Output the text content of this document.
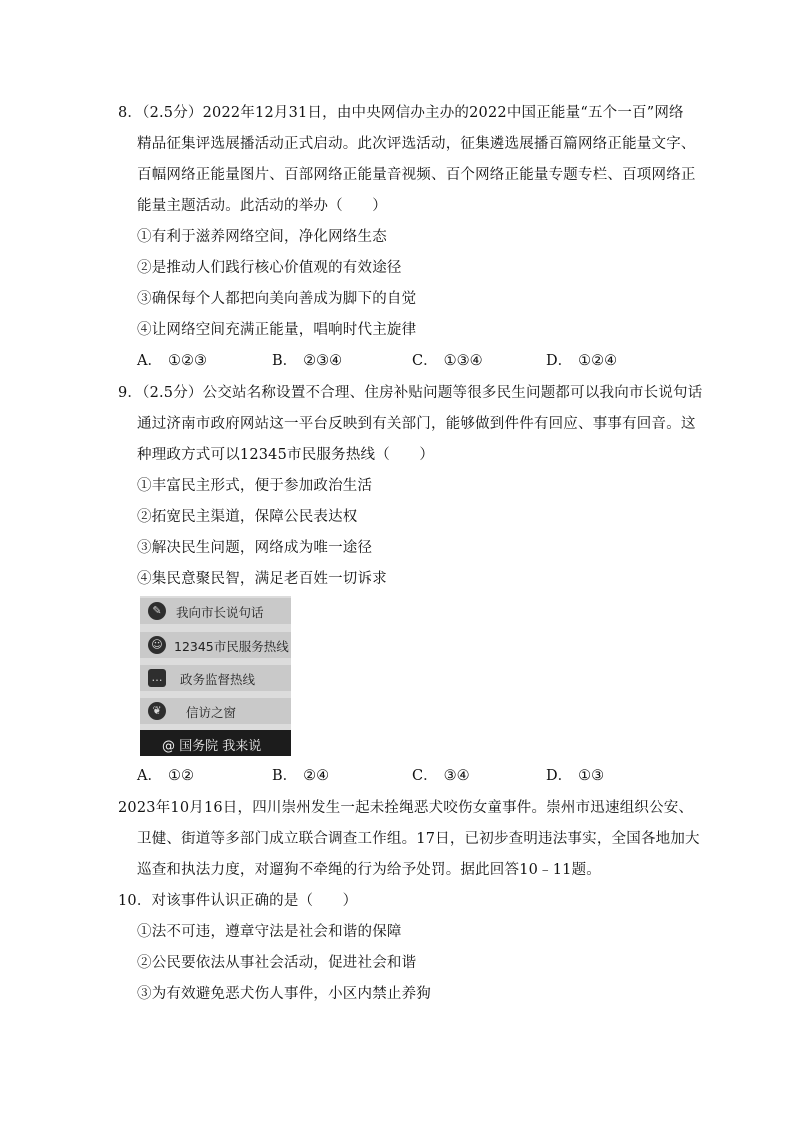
8．（2.5分）2022年12月31日，由中央网信办主办的2022中国正能量“五个一百”网络
精品征集评选展播活动正式启动。此次评选活动，征集遴选展播百篇网络正能量文字、
百幅网络正能量图片、百部网络正能量音视频、百个网络正能量专题专栏、百项网络正
能量主题活动。此活动的举办（　　）
①有利于滋养网络空间，净化网络生态
②是推动人们践行核心价值观的有效途径
③确保每个人都把向美向善成为脚下的自觉
④让网络空间充满正能量，唱响时代主旋律
A． ①②③	B． ②③④	C． ①③④	D． ①②④
9．（2.5分）公交站名称设置不合理、住房补贴问题等很多民生问题都可以我向市长说句话
通过济南市政府网站这一平台反映到有关部门，能够做到件件有回应、事事有回音。这
种理政方式可以12345市民服务热线（　　）
①丰富民主形式，便于参加政治生活
②拓宽民主渠道，保障公民表达权
③解决民生问题，网络成为唯一途径
④集民意聚民智，满足老百姓一切诉求
✎	我向市长说句话
☺ 12345市民服务热线
… 政务监督热线
❦	信访之窗
@ 国务院 我来说
A． ①②	B． ②④	C． ③④	D． ①③
2023年10月16日，四川崇州发生一起未拴绳恶犬咬伤女童事件。崇州市迅速组织公安、
卫健、街道等多部门成立联合调查工作组。17日，已初步查明违法事实，全国各地加大
巡查和执法力度，对遛狗不牵绳的行为给予处罚。据此回答10﹣11题。
10．对该事件认识正确的是（　　）
①法不可违，遵章守法是社会和谐的保障
②公民要依法从事社会活动，促进社会和谐
③为有效避免恶犬伤人事件，小区内禁止养狗
